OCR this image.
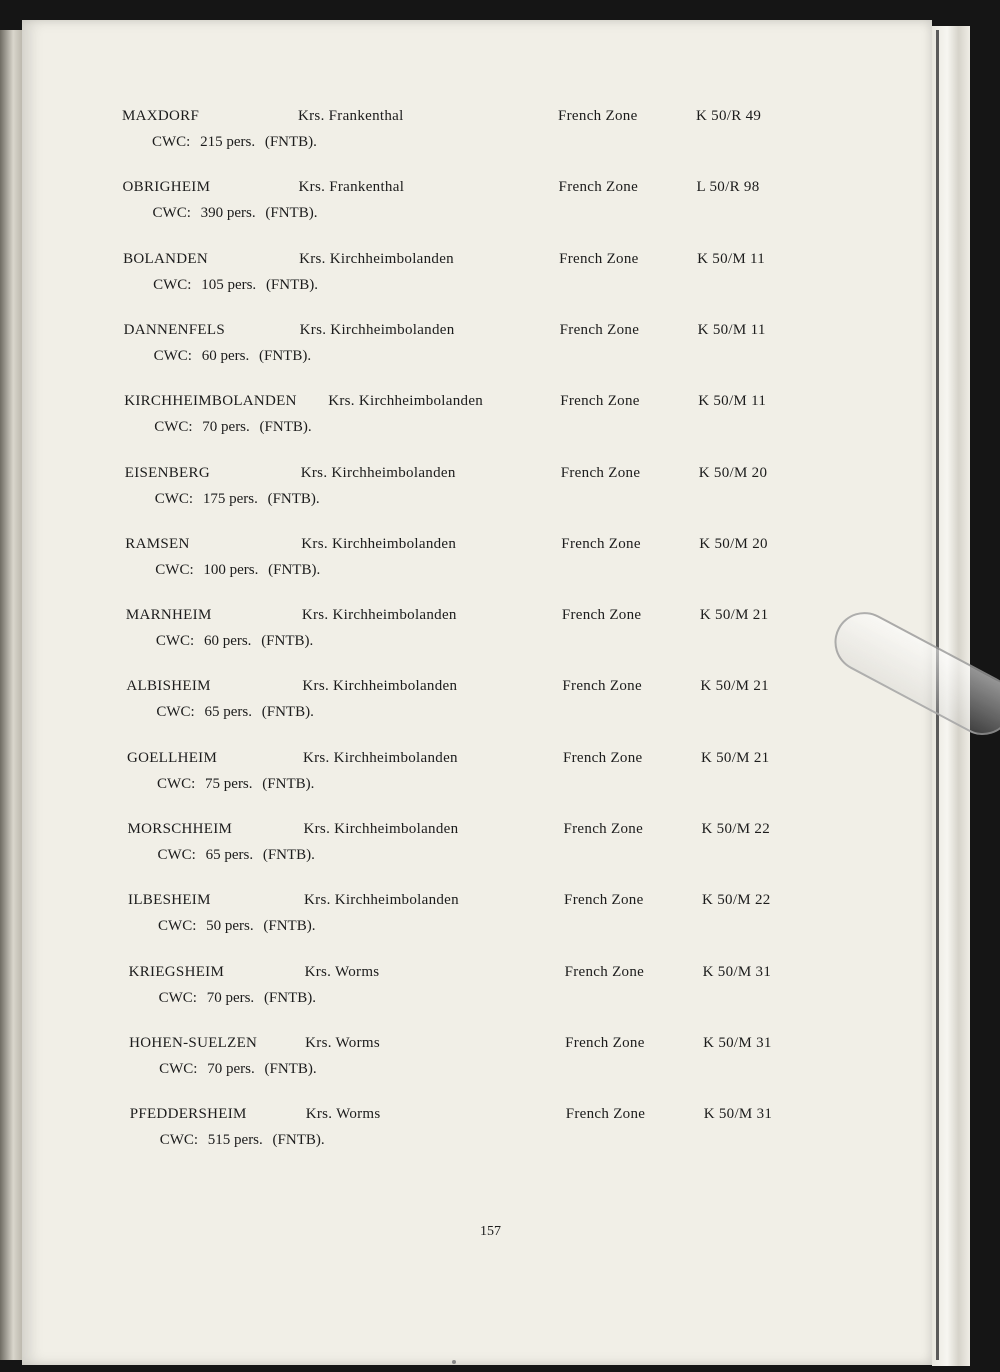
MAXDORF	Krs. Frankenthal	French Zone	K 50/R 49
CWC: 215 pers. (FNTB).
OBRIGHEIM	Krs. Frankenthal	French Zone	L 50/R 98
CWC: 390 pers. (FNTB).
BOLANDEN	Krs. Kirchheimbolanden	French Zone	K 50/M 11
CWC: 105 pers. (FNTB).
DANNENFELS	Krs. Kirchheimbolanden	French Zone	K 50/M 11
CWC: 60 pers. (FNTB).
KIRCHHEIMBOLANDEN Krs. Kirchheimbolanden	French Zone	K 50/M 11
CWC: 70 pers. (FNTB).
EISENBERG	Krs. Kirchheimbolanden	French Zone	K 50/M 20
CWC: 175 pers. (FNTB).
RAMSEN	Krs. Kirchheimbolanden	French Zone	K 50/M 20
CWC: 100 pers. (FNTB).
MARNHEIM	Krs. Kirchheimbolanden	French Zone	K 50/M 21
CWC: 60 pers. (FNTB).
ALBISHEIM	Krs. Kirchheimbolanden	French Zone	K 50/M 21
CWC: 65 pers. (FNTB).
GOELLHEIM	Krs. Kirchheimbolanden	French Zone	K 50/M 21
CWC: 75 pers. (FNTB).
MORSCHHEIM	Krs. Kirchheimbolanden	French Zone	K 50/M 22
CWC: 65 pers. (FNTB).
ILBESHEIM	Krs. Kirchheimbolanden	French Zone	K 50/M 22
CWC: 50 pers. (FNTB).
KRIEGSHEIM	Krs. Worms	French Zone	K 50/M 31
CWC: 70 pers. (FNTB).
HOHEN-SUELZEN	Krs. Worms	French Zone	K 50/M 31
CWC: 70 pers. (FNTB).
PFEDDERSHEIM	Krs. Worms	French Zone	K 50/M 31
CWC: 515 pers. (FNTB).
157
